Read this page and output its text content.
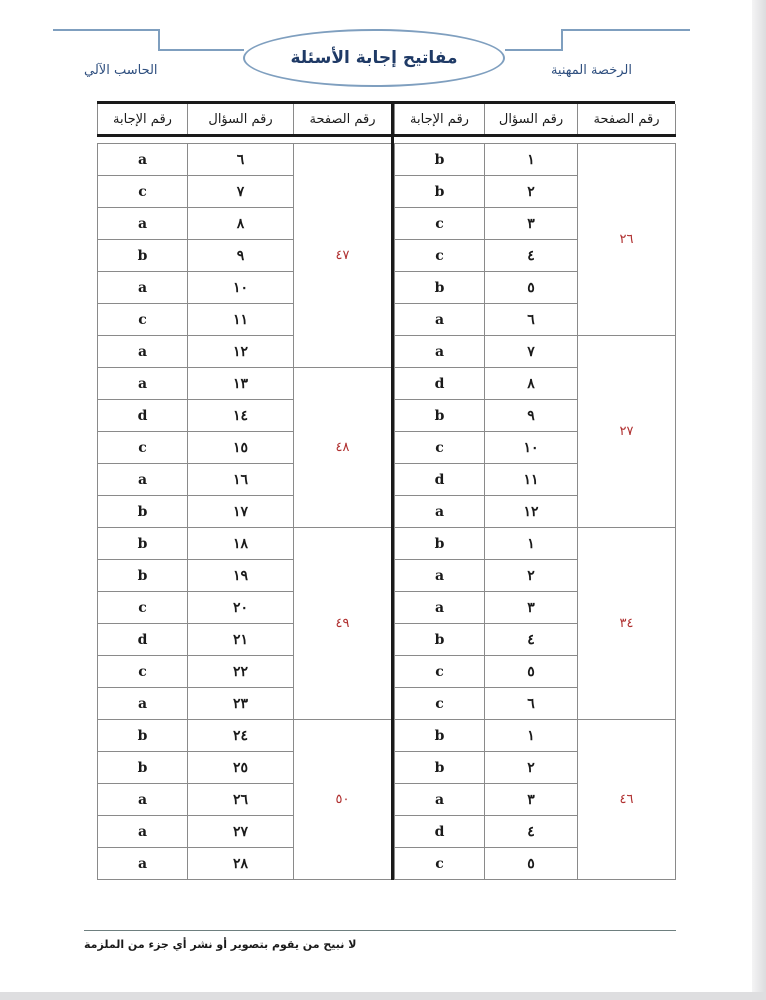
مفاتيح إجابة الأسئلة
الحاسب الآلي	الرخصة المهنية
رقم الإجابة	رقم السؤال	رقم الصفحة

a	٦	٤٧
c	٧	
a	٨	
b	٩	
a	١٠	
c	١١	
a	١٢	
a	١٣	٤٨
d	١٤	
c	١٥	
a	١٦	
b	١٧	
b	١٨	٤٩
b	١٩	
c	٢٠	
d	٢١	
c	٢٢	
a	٢٣	
b	٢٤	٥٠
b	٢٥	
a	٢٦	
a	٢٧	
a	٢٨	
رقم الإجابة	رقم السؤال	رقم الصفحة

b	١	٢٦
b	٢	
c	٣	
c	٤	
b	٥	
a	٦	
a	٧	٢٧
d	٨	
b	٩	
c	١٠	
d	١١	
a	١٢	
b	١	٣٤
a	٢	
a	٣	
b	٤	
c	٥	
c	٦	
b	١	٤٦
b	٢	
a	٣	
d	٤	
c	٥	
لا نبيح من يقوم بتصوير أو نشر أي جزء من الملزمة
